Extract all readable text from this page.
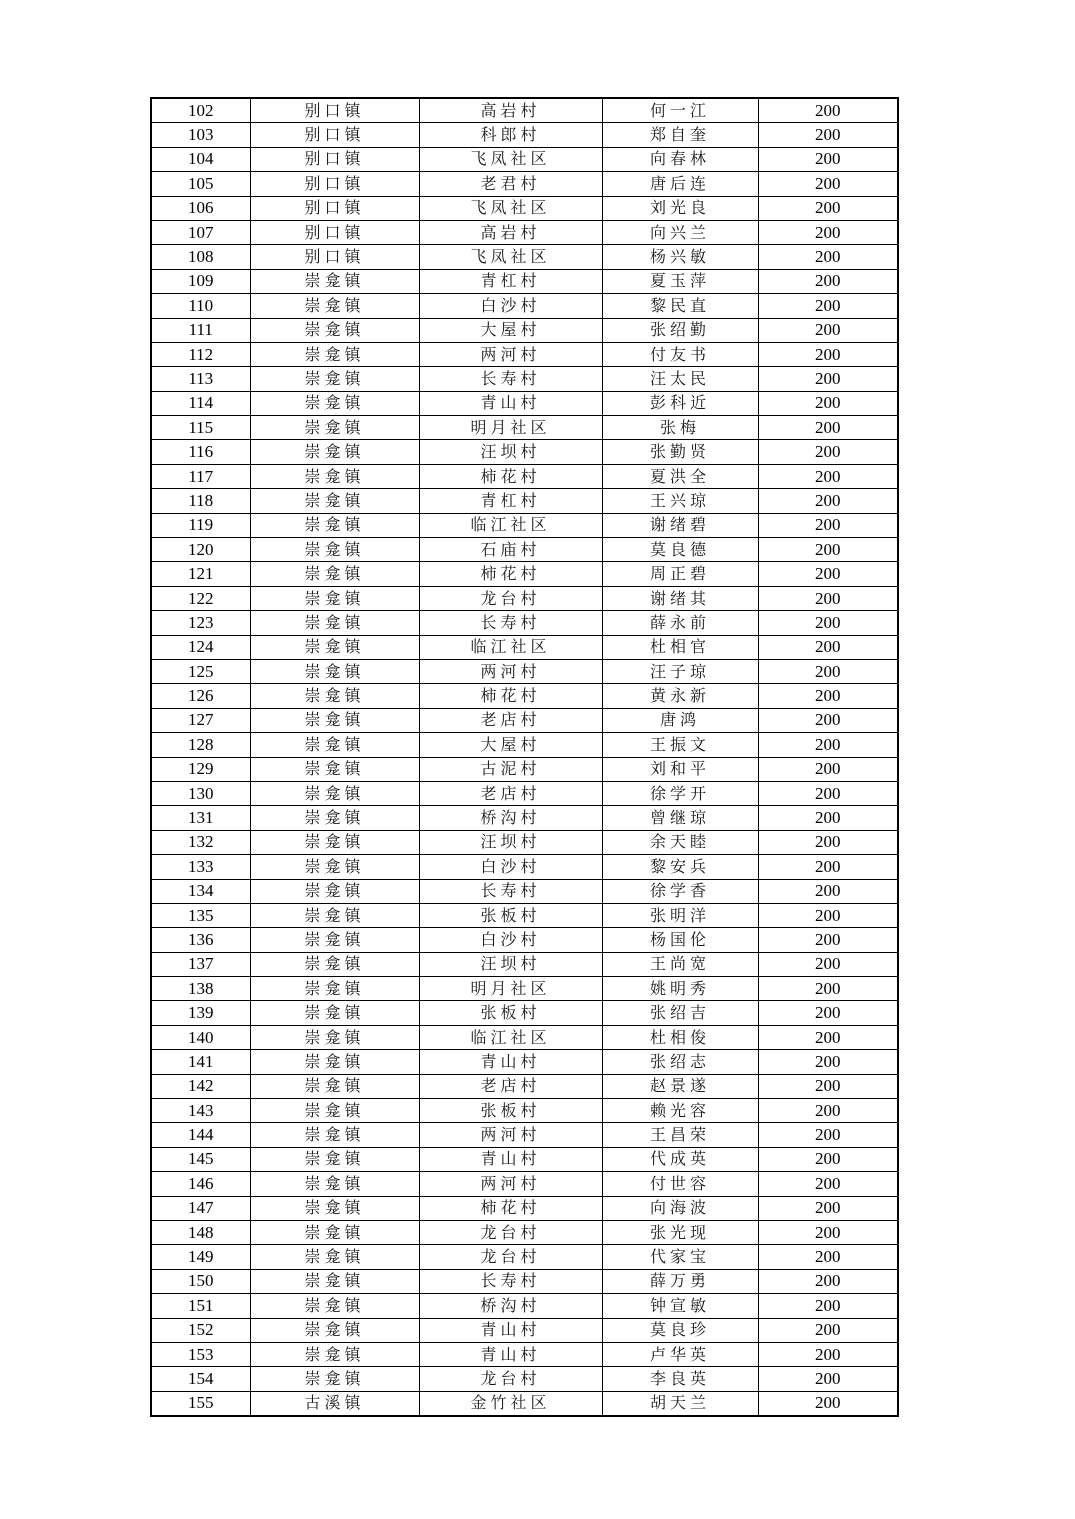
102	别口镇	高岩村	何一江	200
103	别口镇	科郎村	郑自奎	200
104	别口镇	飞凤社区	向春林	200
105	别口镇	老君村	唐后连	200
106	别口镇	飞凤社区	刘光良	200
107	别口镇	高岩村	向兴兰	200
108	别口镇	飞凤社区	杨兴敏	200
109	崇龛镇	青杠村	夏玉萍	200
110	崇龛镇	白沙村	黎民直	200
111	崇龛镇	大屋村	张绍勤	200
112	崇龛镇	两河村	付友书	200
113	崇龛镇	长寿村	汪太民	200
114	崇龛镇	青山村	彭科近	200
115	崇龛镇	明月社区	张梅	200
116	崇龛镇	汪坝村	张勤贤	200
117	崇龛镇	柿花村	夏洪全	200
118	崇龛镇	青杠村	王兴琼	200
119	崇龛镇	临江社区	谢绪碧	200
120	崇龛镇	石庙村	莫良德	200
121	崇龛镇	柿花村	周正碧	200
122	崇龛镇	龙台村	谢绪其	200
123	崇龛镇	长寿村	薛永前	200
124	崇龛镇	临江社区	杜相官	200
125	崇龛镇	两河村	汪子琼	200
126	崇龛镇	柿花村	黄永新	200
127	崇龛镇	老店村	唐鸿	200
128	崇龛镇	大屋村	王振文	200
129	崇龛镇	古泥村	刘和平	200
130	崇龛镇	老店村	徐学开	200
131	崇龛镇	桥沟村	曾继琼	200
132	崇龛镇	汪坝村	余天睦	200
133	崇龛镇	白沙村	黎安兵	200
134	崇龛镇	长寿村	徐学香	200
135	崇龛镇	张板村	张明洋	200
136	崇龛镇	白沙村	杨国伦	200
137	崇龛镇	汪坝村	王尚宽	200
138	崇龛镇	明月社区	姚明秀	200
139	崇龛镇	张板村	张绍吉	200
140	崇龛镇	临江社区	杜相俊	200
141	崇龛镇	青山村	张绍志	200
142	崇龛镇	老店村	赵景遂	200
143	崇龛镇	张板村	赖光容	200
144	崇龛镇	两河村	王昌荣	200
145	崇龛镇	青山村	代成英	200
146	崇龛镇	两河村	付世容	200
147	崇龛镇	柿花村	向海波	200
148	崇龛镇	龙台村	张光现	200
149	崇龛镇	龙台村	代家宝	200
150	崇龛镇	长寿村	薛万勇	200
151	崇龛镇	桥沟村	钟宣敏	200
152	崇龛镇	青山村	莫良珍	200
153	崇龛镇	青山村	卢华英	200
154	崇龛镇	龙台村	李良英	200
155	古溪镇	金竹社区	胡天兰	200
